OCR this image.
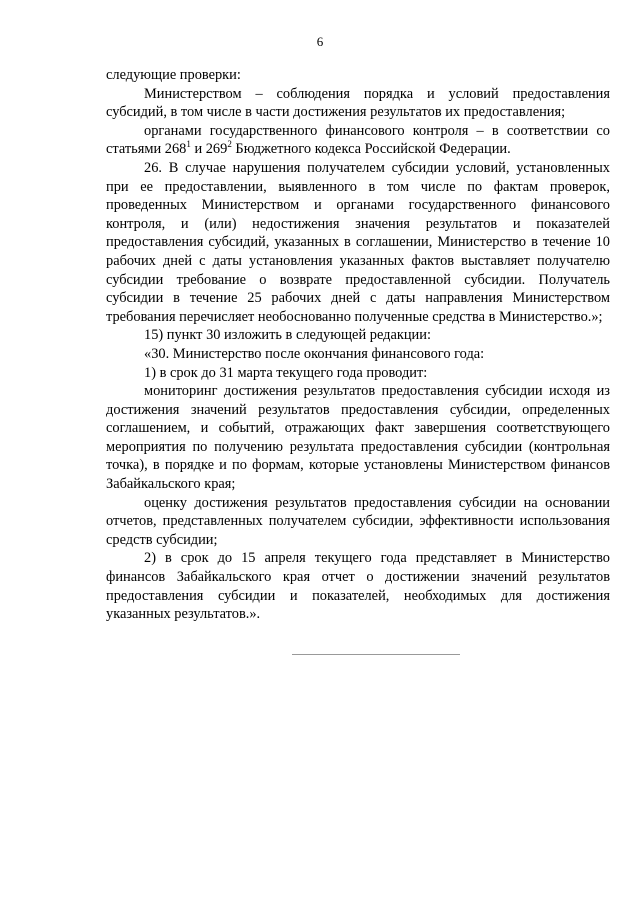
6

следующие проверки:

Министерством – соблюдения порядка и условий предоставления субсидий, в том числе в части достижения результатов их предоставления;

органами государственного финансового контроля – в соответствии со статьями $268^1$ и $269^2$ Бюджетного кодекса Российской Федерации.

26. В случае нарушения получателем субсидии условий, установленных при ее предоставлении, выявленного в том числе по фактам проверок, проведенных Министерством и органами государственного финансового контроля, и (или) недостижения значения результатов и показателей предоставления субсидий, указанных в соглашении, Министерство в течение 10 рабочих дней с даты установления указанных фактов выставляет получателю субсидии требование о возврате предоставленной субсидии. Получатель субсидии в течение 25 рабочих дней с даты направления Министерством требования перечисляет необоснованно полученные средства в Министерство.»;

15) пункт 30 изложить в следующей редакции:

«30. Министерство после окончания финансового года:

1) в срок до 31 марта текущего года проводит:

мониторинг достижения результатов предоставления субсидии исходя из достижения значений результатов предоставления субсидии, определенных соглашением, и событий, отражающих факт завершения соответствующего мероприятия по получению результата предоставления субсидии (контрольная точка), в порядке и по формам, которые установлены Министерством финансов Забайкальского края;

оценку достижения результатов предоставления субсидии на основании отчетов, представленных получателем субсидии, эффективности использования средств субсидии;

2) в срок до 15 апреля текущего года представляет в Министерство финансов Забайкальского края отчет о достижении значений результатов предоставления субсидии и показателей, необходимых для достижения указанных результатов.».
